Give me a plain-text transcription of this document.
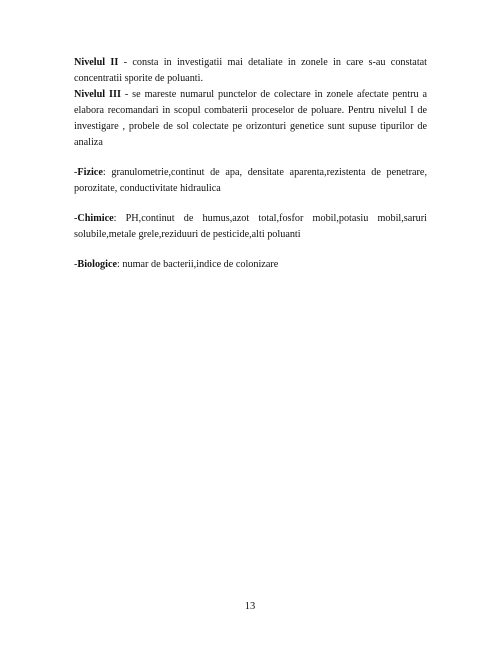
Nivelul II - consta in investigatii mai detaliate in zonele in care s-au constatat concentratii sporite de poluanti.

Nivelul III - se mareste numarul punctelor de colectare in zonele afectate pentru a elabora recomandari in scopul combaterii proceselor de poluare. Pentru nivelul I de investigare , probele de sol colectate pe orizonturi genetice sunt supuse tipurilor de analiza

-Fizice: granulometrie,continut de apa, densitate aparenta,rezistenta de penetrare, porozitate, conductivitate hidraulica

-Chimice: PH,continut de humus,azot total,fosfor mobil,potasiu mobil,saruri solubile,metale grele,reziduuri de pesticide,alti poluanti

-Biologice: numar de bacterii,indice de colonizare

13
